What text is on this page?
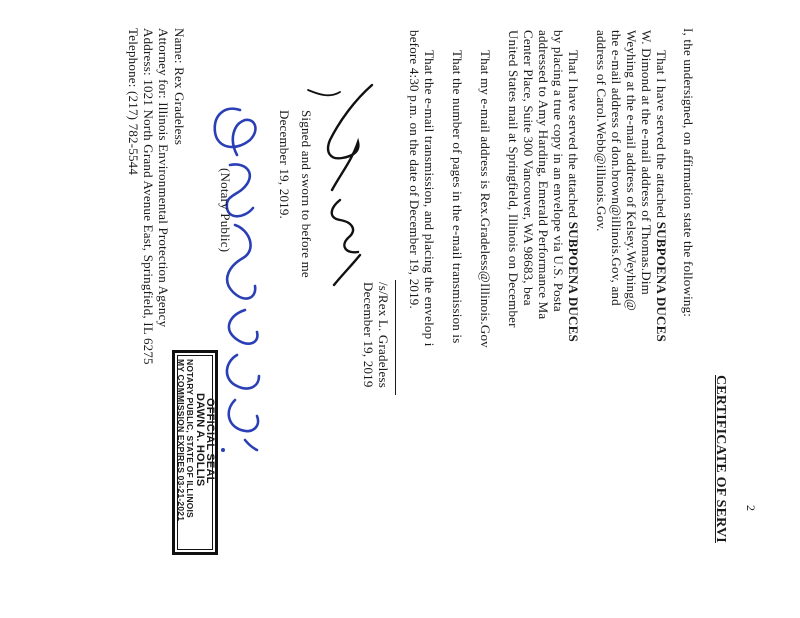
2
CERTIFICATE OF SERVI
I, the undersigned, on affirmation state the following:
That I have served the attached SUBPOENA DUCES
W. Dimond at the e-mail address of Thomas.Dim
Weyhing at the e-mail address of Kelsey.Weyhing@
the e-mail address of don.brown@illinois.Gov, and
address of Carol.Webb@illinois.Gov.
That I have served the attached SUBPOENA DUCES
by placing a true copy in an envelope via U.S. Posta
addressed to Amy Harding, Emerald Performance Ma
Center Place, Suite 300 Vancouver, WA 98683, bea
United States mail at Springfield, Illinois on December
That my e-mail address is Rex.Gradeless@Illinois.Gov
That the number of pages in the e-mail transmission is
That the e-mail transmission, and placing the envelop i
before 4:30 p.m. on the date of December 19, 2019.
/s/Rex L. Gradeless
December 19, 2019
Signed and sworn to before me
December 19, 2019.
(Notary Public)
OFFICIAL SEAL
DAWN A. HOLLIS
NOTARY PUBLIC, STATE OF ILLINOIS
MY COMMISSION EXPIRES 03-21-2021
Name: Rex Gradeless
Attorney for: Illinois Environmental Protection Agency
Address: 1021 North Grand Avenue East, Springfield, IL 6275
Telephone: (217) 782-5544
